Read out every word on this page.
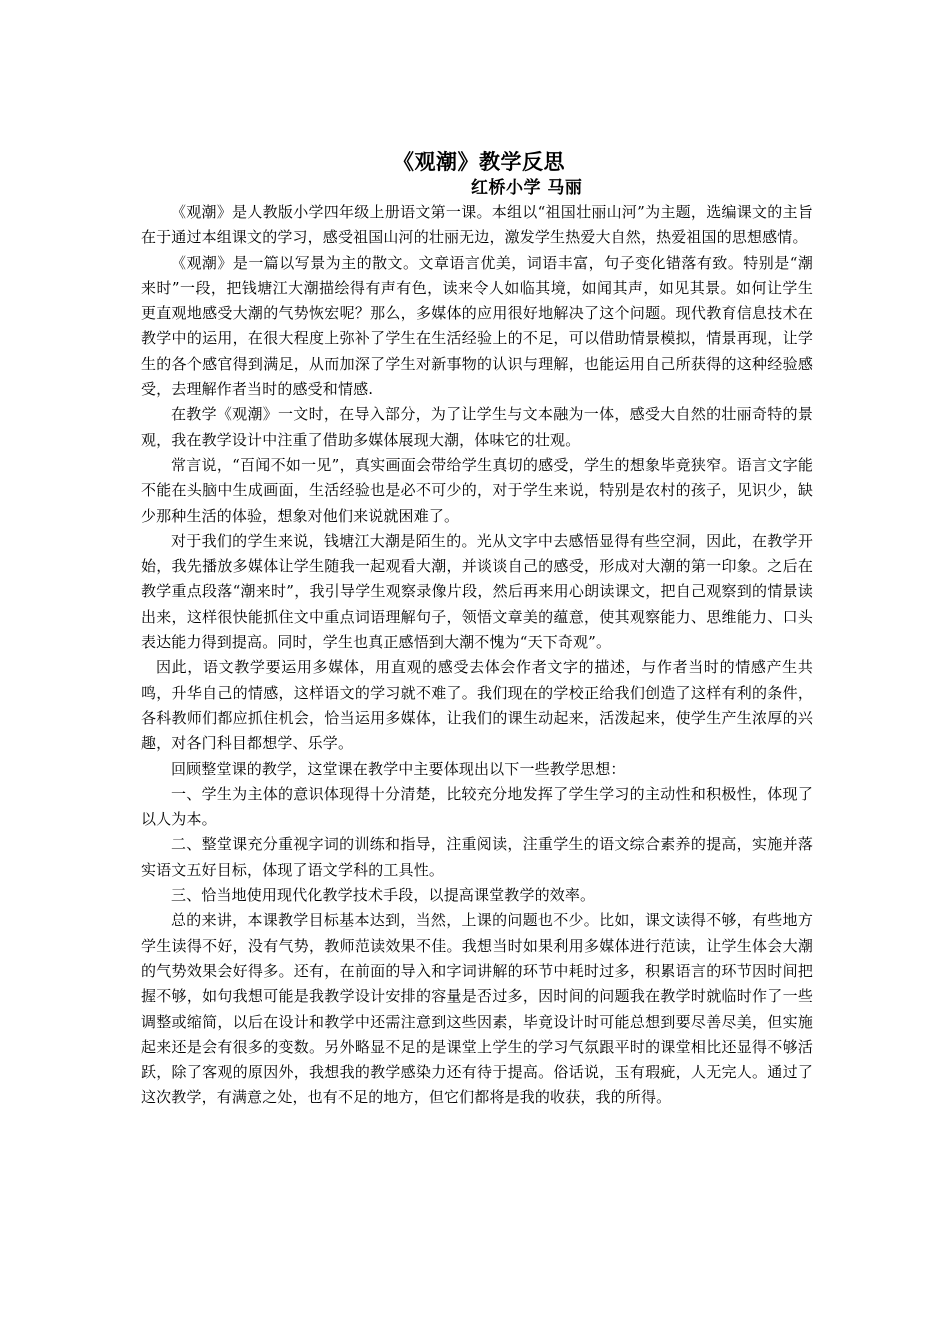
《观潮》教学反思
红桥小学 马丽

《观潮》是人教版小学四年级上册语文第一课。本组以“祖国壮丽山河”为主题，选编课文的主旨在于通过本组课文的学习，感受祖国山河的壮丽无边，激发学生热爱大自然，热爱祖国的思想感情。

《观潮》是一篇以写景为主的散文。文章语言优美，词语丰富，句子变化错落有致。特别是“潮来时”一段，把钱塘江大潮描绘得有声有色，读来令人如临其境，如闻其声，如见其景。如何让学生更直观地感受大潮的气势恢宏呢？那么，多媒体的应用很好地解决了这个问题。现代教育信息技术在教学中的运用，在很大程度上弥补了学生在生活经验上的不足，可以借助情景模拟，情景再现，让学生的各个感官得到满足，从而加深了学生对新事物的认识与理解，也能运用自己所获得的这种经验感受，去理解作者当时的感受和情感.

在教学《观潮》一文时，在导入部分，为了让学生与文本融为一体，感受大自然的壮丽奇特的景观，我在教学设计中注重了借助多媒体展现大潮，体味它的壮观。

常言说，“百闻不如一见”，真实画面会带给学生真切的感受，学生的想象毕竟狭窄。语言文字能不能在头脑中生成画面，生活经验也是必不可少的，对于学生来说，特别是农村的孩子，见识少，缺少那种生活的体验，想象对他们来说就困难了。

对于我们的学生来说，钱塘江大潮是陌生的。光从文字中去感悟显得有些空洞，因此，在教学开始，我先播放多媒体让学生随我一起观看大潮，并谈谈自己的感受，形成对大潮的第一印象。之后在教学重点段落“潮来时”，我引导学生观察录像片段，然后再来用心朗读课文，把自己观察到的情景读出来，这样很快能抓住文中重点词语理解句子，领悟文章美的蕴意，使其观察能力、思维能力、口头表达能力得到提高。同时，学生也真正感悟到大潮不愧为“天下奇观”。

因此，语文教学要运用多媒体，用直观的感受去体会作者文字的描述，与作者当时的情感产生共鸣，升华自己的情感，这样语文的学习就不难了。我们现在的学校正给我们创造了这样有利的条件，各科教师们都应抓住机会，恰当运用多媒体，让我们的课生动起来，活泼起来，使学生产生浓厚的兴趣，对各门科目都想学、乐学。

回顾整堂课的教学，这堂课在教学中主要体现出以下一些教学思想：

一、学生为主体的意识体现得十分清楚，比较充分地发挥了学生学习的主动性和积极性，体现了以人为本。

二、整堂课充分重视字词的训练和指导，注重阅读，注重学生的语文综合素养的提高，实施并落实语文五好目标，体现了语文学科的工具性。

三、恰当地使用现代化教学技术手段，以提高课堂教学的效率。

总的来讲，本课教学目标基本达到，当然，上课的问题也不少。比如，课文读得不够，有些地方学生读得不好，没有气势，教师范读效果不佳。我想当时如果利用多媒体进行范读，让学生体会大潮的气势效果会好得多。还有，在前面的导入和字词讲解的环节中耗时过多，积累语言的环节因时间把握不够，如句我想可能是我教学设计安排的容量是否过多，因时间的问题我在教学时就临时作了一些调整或缩简，以后在设计和教学中还需注意到这些因素，毕竟设计时可能总想到要尽善尽美，但实施起来还是会有很多的变数。另外略显不足的是课堂上学生的学习气氛跟平时的课堂相比还显得不够活跃，除了客观的原因外，我想我的教学感染力还有待于提高。俗话说，玉有瑕疵，人无完人。通过了这次教学，有满意之处，也有不足的地方，但它们都将是我的收获，我的所得。
